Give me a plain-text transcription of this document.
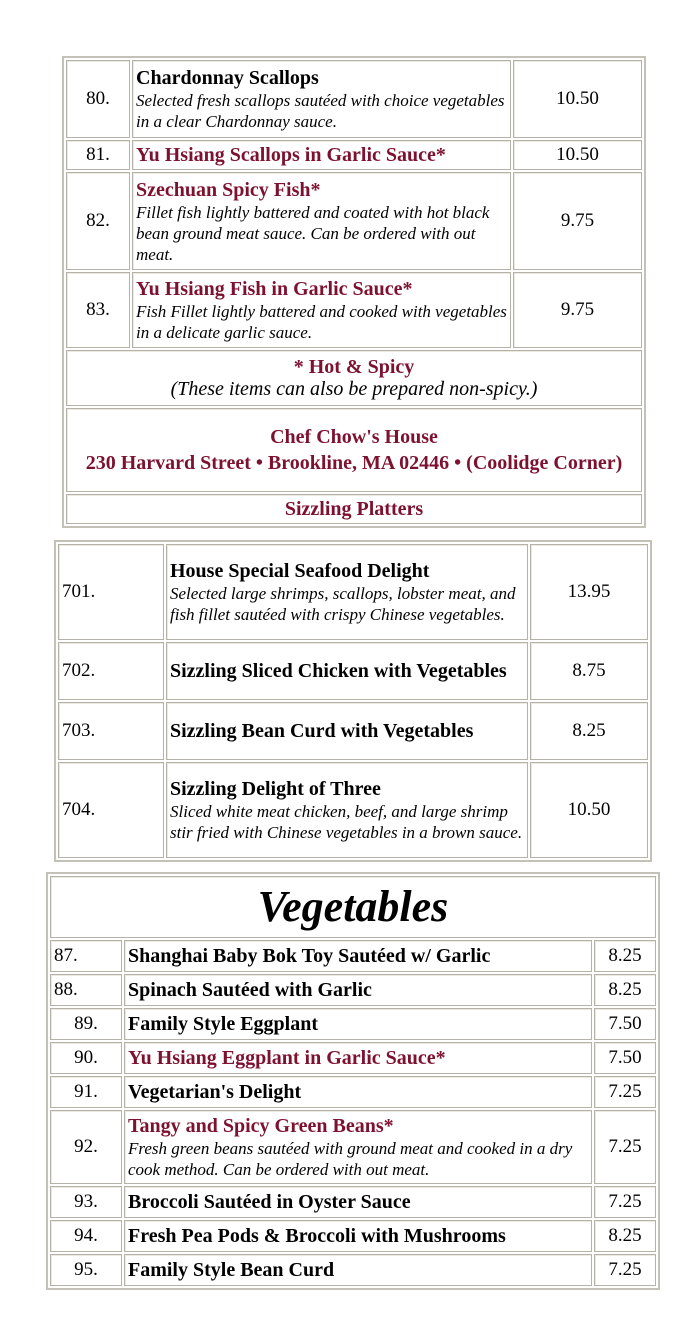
80.	Chardonnay Scallops
Selected fresh scallops sautéed with choice vegetables in a clear Chardonnay sauce.	10.50
81.	Yu Hsiang Scallops in Garlic Sauce*	10.50
82.	Szechuan Spicy Fish*
Fillet fish lightly battered and coated with hot black bean ground meat sauce. Can be ordered with out meat.	9.75
83.	Yu Hsiang Fish in Garlic Sauce*
Fish Fillet lightly battered and cooked with vegetables in a delicate garlic sauce.	9.75
* Hot & Spicy
(These items can also be prepared non-spicy.)

Chef Chow's House
230 Harvard Street • Brookline, MA 02446 • (Coolidge Corner)

Sizzling Platters
701.	House Special Seafood Delight
Selected large shrimps, scallops, lobster meat, and fish fillet sautéed with crispy Chinese vegetables.	13.95
702.	Sizzling Sliced Chicken with Vegetables	8.75
703.	Sizzling Bean Curd with Vegetables	8.25
704.	Sizzling Delight of Three
Sliced white meat chicken, beef, and large shrimp stir fried with Chinese vegetables in a brown sauce.	10.50

Vegetables
87.	Shanghai Baby Bok Toy Sautéed w/ Garlic	8.25
88.	Spinach Sautéed with Garlic	8.25
89.	Family Style Eggplant	7.50
90.	Yu Hsiang Eggplant in Garlic Sauce*	7.50
91.	Vegetarian's Delight	7.25
92.	Tangy and Spicy Green Beans*
Fresh green beans sautéed with ground meat and cooked in a dry cook method. Can be ordered with out meat.	7.25
93.	Broccoli Sautéed in Oyster Sauce	7.25
94.	Fresh Pea Pods & Broccoli with Mushrooms	8.25
95.	Family Style Bean Curd	7.25
